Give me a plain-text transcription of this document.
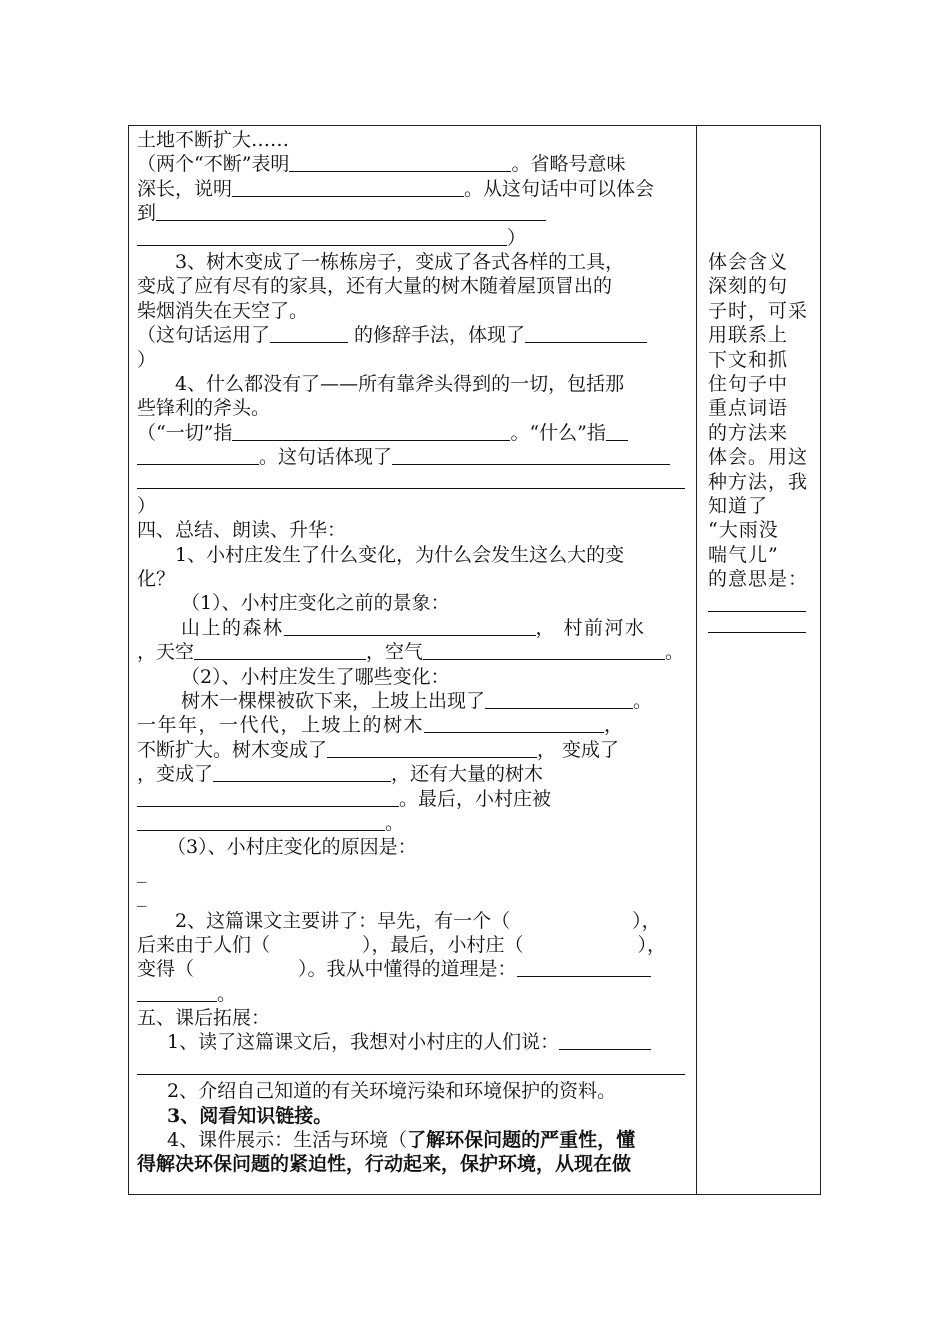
土地不断扩大……
（两个“不断”表明	。省略号意味
深长，说明	。从这句话中可以体会
到
）
3、树木变成了一栋栋房子，变成了各式各样的工具，
变成了应有尽有的家具，还有大量的树木随着屋顶冒出的
柴烟消失在天空了。
（这句话运用了	的修辞手法，体现了
）
4、什么都没有了——所有靠斧头得到的一切，包括那
些锋利的斧头。
（“一切”指	。“什么”指
。这句话体现了
）
四、总结、朗读、升华：
1、小村庄发生了什么变化，为什么会发生这么大的变
化？
（1）、小村庄变化之前的景象：
山上的森林	， 村前河水
，天空	，空气	。
（2）、小村庄发生了哪些变化：
树木一棵棵被砍下来，上坡上出现了	。
一年年，一代代，上坡上的树木	，
不断扩大。树木变成了	， 变成了
，变成了	，还有大量的树木
。最后，小村庄被
。
（3）、小村庄变化的原因是：
_
_
2、这篇课文主要讲了：早先，有一个（	），
后来由于人们（	），最后，小村庄（	），
变得（	）。我从中懂得的道理是：
。
五、课后拓展：
1、读了这篇课文后，我想对小村庄的人们说：
2、介绍自己知道的有关环境污染和环境保护的资料。
3、阅看知识链接。
4、课件展示：生活与环境（了解环保问题的严重性，懂
得解决环保问题的紧迫性，行动起来，保护环境，从现在做
体会含义
深刻的句
子时，可采
用联系上
下文和抓
住句子中
重点词语
的方法来
体会。用这
种方法，我
知道了
“大雨没
喘气儿”
的意思是：
